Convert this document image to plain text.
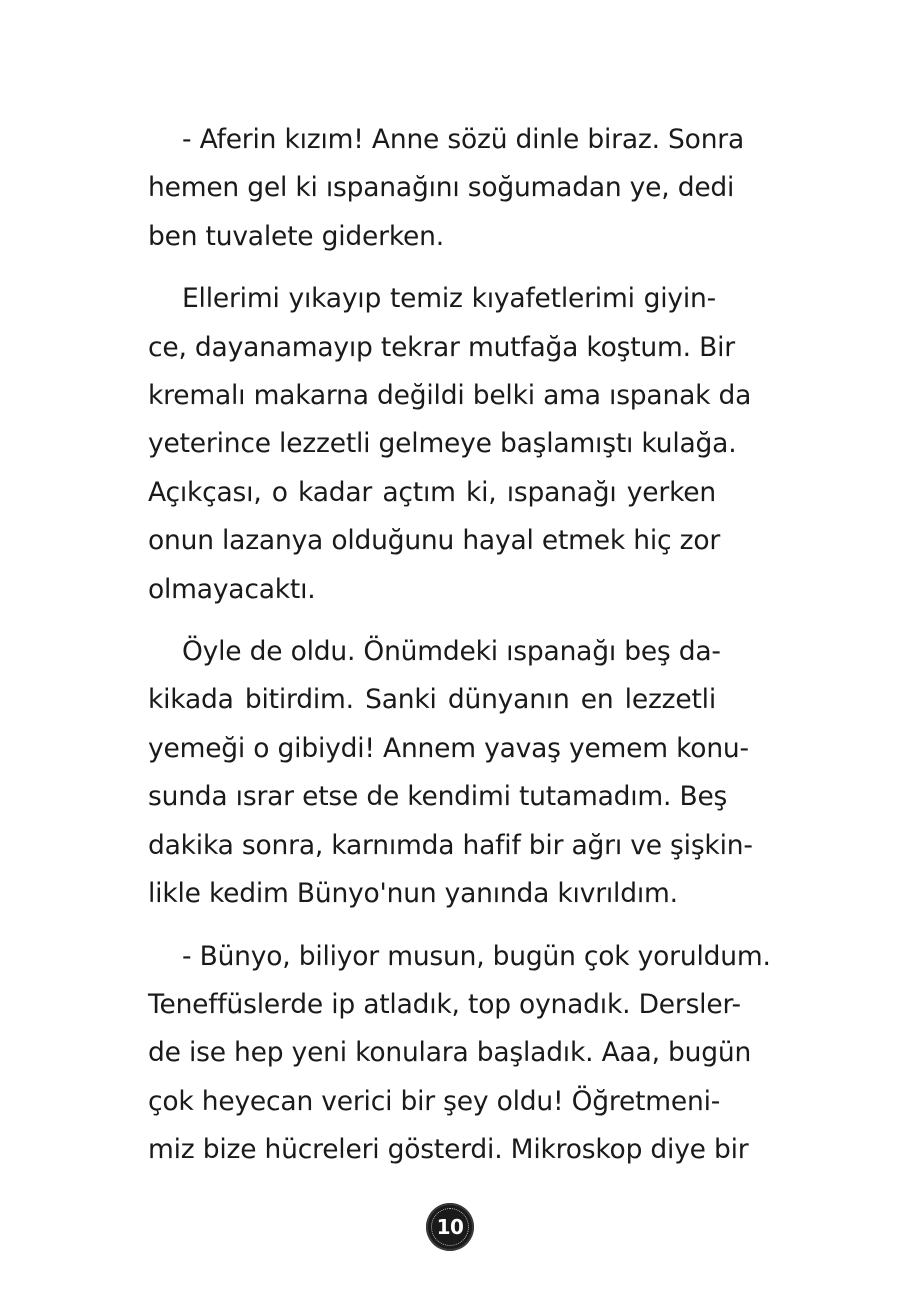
- Aferin kızım! Anne sözü dinle biraz. Sonra
hemen gel ki ıspanağını soğumadan ye, dedi
ben tuvalete giderken.
Ellerimi yıkayıp temiz kıyafetlerimi giyin-
ce, dayanamayıp tekrar mutfağa koştum. Bir
kremalı makarna değildi belki ama ıspanak da
yeterince lezzetli gelmeye başlamıştı kulağa.
Açıkçası, o kadar açtım ki, ıspanağı yerken
onun lazanya olduğunu hayal etmek hiç zor
olmayacaktı.
Öyle de oldu. Önümdeki ıspanağı beş da-
kikada bitirdim. Sanki dünyanın en lezzetli
yemeği o gibiydi! Annem yavaş yemem konu-
sunda ısrar etse de kendimi tutamadım. Beş
dakika sonra, karnımda hafif bir ağrı ve şişkin-
likle kedim Bünyo'nun yanında kıvrıldım.
- Bünyo, biliyor musun, bugün çok yoruldum.
Teneffüslerde ip atladık, top oynadık. Dersler-
de ise hep yeni konulara başladık. Aaa, bugün
çok heyecan verici bir şey oldu! Öğretmeni-
miz bize hücreleri gösterdi. Mikroskop diye bir
10
